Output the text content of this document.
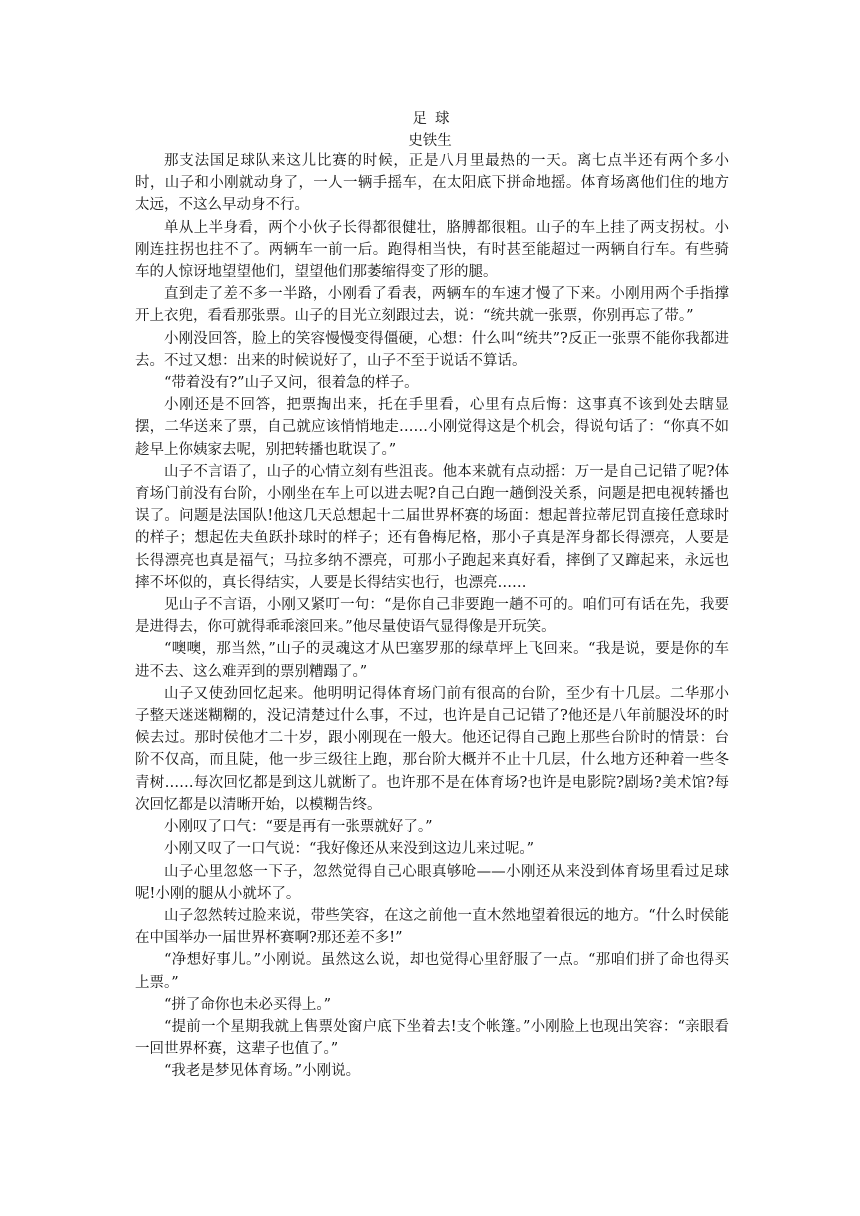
足球
史铁生

那支法国足球队来这儿比赛的时候，正是八月里最热的一天。离七点半还有两个多小时，山子和小刚就动身了，一人一辆手摇车，在太阳底下拼命地摇。体育场离他们住的地方太远，不这么早动身不行。

单从上半身看，两个小伙子长得都很健壮，胳膊都很粗。山子的车上挂了两支拐杖。小刚连拄拐也拄不了。两辆车一前一后。跑得相当快，有时甚至能超过一两辆自行车。有些骑车的人惊讶地望望他们，望望他们那萎缩得变了形的腿。

直到走了差不多一半路，小刚看了看表，两辆车的车速才慢了下来。小刚用两个手指撑开上衣兜，看看那张票。山子的目光立刻跟过去，说：“统共就一张票，你别再忘了带。”

小刚没回答，脸上的笑容慢慢变得僵硬，心想：什么叫“统共”?反正一张票不能你我都进去。不过又想：出来的时候说好了，山子不至于说话不算话。

“带着没有?”山子又问，很着急的样子。

小刚还是不回答，把票掏出来，托在手里看，心里有点后悔：这事真不该到处去瞎显摆，二华送来了票，自己就应该悄悄地走……小刚觉得这是个机会，得说句话了：“你真不如趁早上你姨家去呢，别把转播也耽误了。”

山子不言语了，山子的心情立刻有些沮丧。他本来就有点动摇：万一是自己记错了呢?体育场门前没有台阶，小刚坐在车上可以进去呢?自己白跑一趟倒没关系，问题是把电视转播也误了。问题是法国队!他这几天总想起十二届世界杯赛的场面：想起普拉蒂尼罚直接任意球时的样子；想起佐夫鱼跃扑球时的样子；还有鲁梅尼格，那小子真是浑身都长得漂亮，人要是长得漂亮也真是福气；马拉多纳不漂亮，可那小子跑起来真好看，摔倒了又蹿起来，永远也摔不坏似的，真长得结实，人要是长得结实也行，也漂亮……

见山子不言语，小刚又紧叮一句：“是你自己非要跑一趟不可的。咱们可有话在先，我要是进得去，你可就得乖乖滚回来。”他尽量使语气显得像是开玩笑。

“噢噢，那当然，”山子的灵魂这才从巴塞罗那的绿草坪上飞回来。“我是说，要是你的车进不去、这么难弄到的票别糟蹋了。”

山子又使劲回忆起来。他明明记得体育场门前有很高的台阶，至少有十几层。二华那小子整天迷迷糊糊的，没记清楚过什么事，不过，也许是自己记错了?他还是八年前腿没坏的时候去过。那时侯他才二十岁，跟小刚现在一般大。他还记得自己跑上那些台阶时的情景：台阶不仅高，而且陡，他一步三级往上跑，那台阶大概并不止十几层，什么地方还种着一些冬青树……每次回忆都是到这儿就断了。也许那不是在体育场?也许是电影院?剧场?美术馆?每次回忆都是以清晰开始，以模糊告终。

小刚叹了口气：“要是再有一张票就好了。”

小刚又叹了一口气说：“我好像还从来没到这边儿来过呢。”

山子心里忽悠一下子，忽然觉得自己心眼真够呛——小刚还从来没到体育场里看过足球呢!小刚的腿从小就坏了。

山子忽然转过脸来说，带些笑容，在这之前他一直木然地望着很远的地方。“什么时侯能在中国举办一届世界杯赛啊?那还差不多!”

“净想好事儿。”小刚说。虽然这么说，却也觉得心里舒服了一点。“那咱们拼了命也得买上票。”

“拼了命你也未必买得上。”

“提前一个星期我就上售票处窗户底下坐着去!支个帐篷。”小刚脸上也现出笑容：“亲眼看一回世界杯赛，这辈子也值了。”

“我老是梦见体育场。”小刚说。
